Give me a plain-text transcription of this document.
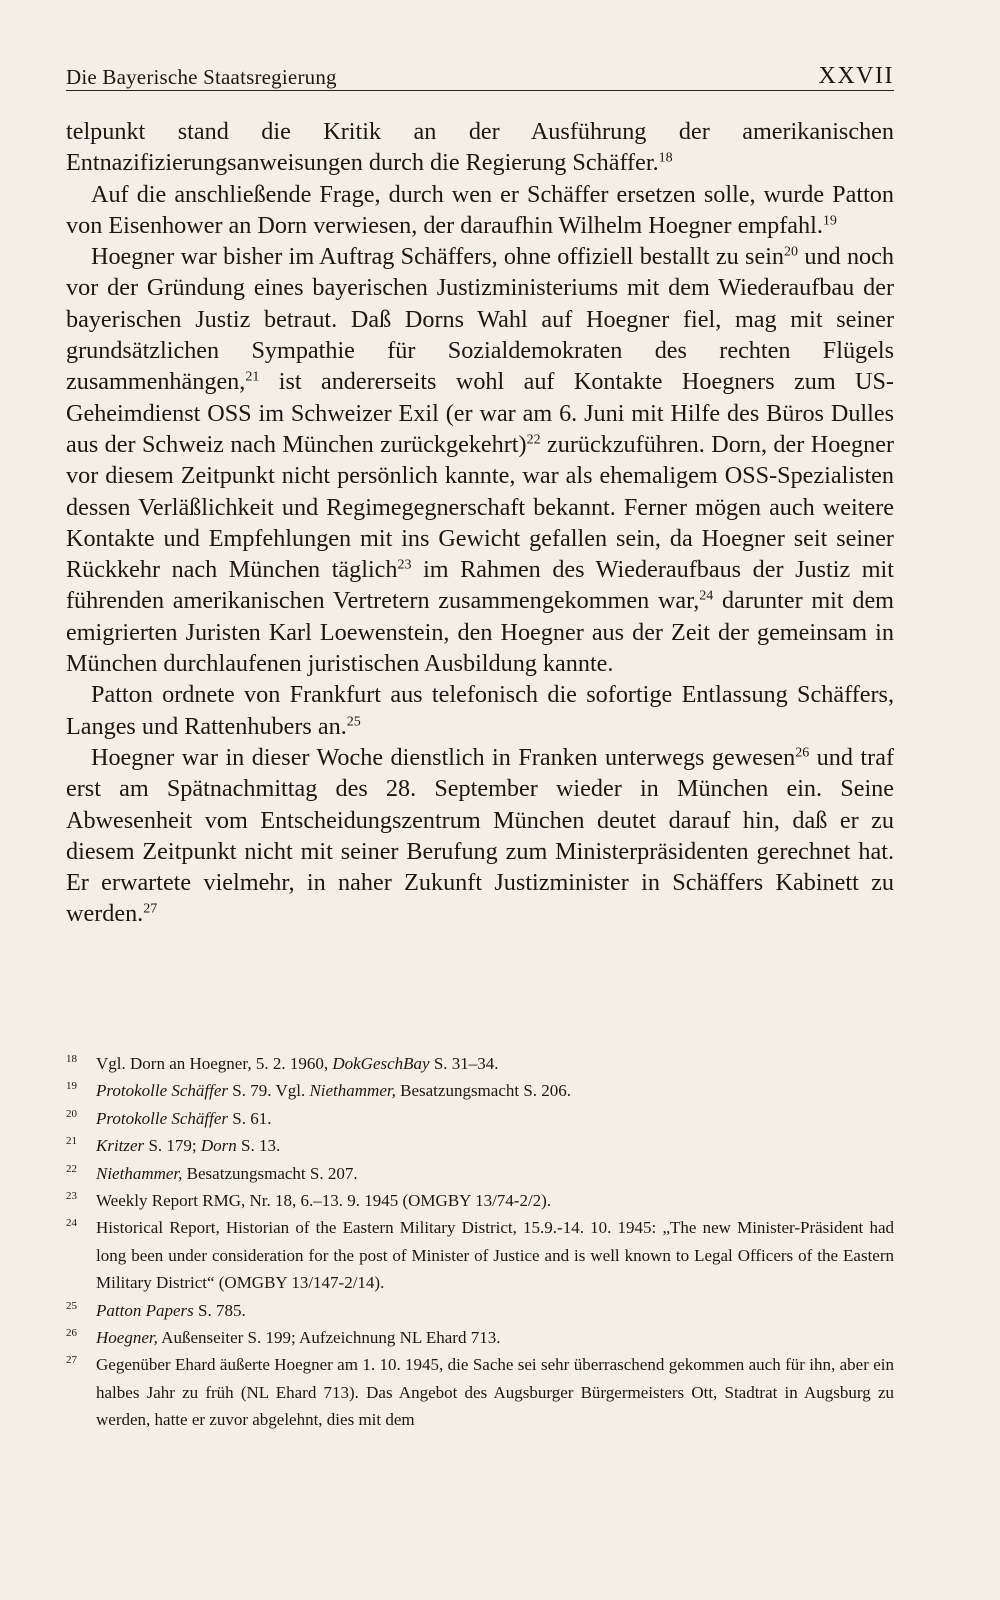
Die Bayerische Staatsregierung	XXVII

telpunkt stand die Kritik an der Ausführung der amerikanischen Entnazifizierungsanweisungen durch die Regierung Schäffer.$^{18}$

Auf die anschließende Frage, durch wen er Schäffer ersetzen solle, wurde Patton von Eisenhower an Dorn verwiesen, der daraufhin Wilhelm Hoegner empfahl.$^{19}$

Hoegner war bisher im Auftrag Schäffers, ohne offiziell bestallt zu sein$^{20}$ und noch vor der Gründung eines bayerischen Justizministeriums mit dem Wiederaufbau der bayerischen Justiz betraut. Daß Dorns Wahl auf Hoegner fiel, mag mit seiner grundsätzlichen Sympathie für Sozialdemokraten des rechten Flügels zusammenhängen,$^{21}$ ist andererseits wohl auf Kontakte Hoegners zum US-Geheimdienst OSS im Schweizer Exil (er war am 6. Juni mit Hilfe des Büros Dulles aus der Schweiz nach München zurückgekehrt)$^{22}$ zurückzuführen. Dorn, der Hoegner vor diesem Zeitpunkt nicht persönlich kannte, war als ehemaligem OSS-Spezialisten dessen Verläßlichkeit und Regimegegnerschaft bekannt. Ferner mögen auch weitere Kontakte und Empfehlungen mit ins Gewicht gefallen sein, da Hoegner seit seiner Rückkehr nach München täglich$^{23}$ im Rahmen des Wiederaufbaus der Justiz mit führenden amerikanischen Vertretern zusammengekommen war,$^{24}$ darunter mit dem emigrierten Juristen Karl Loewenstein, den Hoegner aus der Zeit der gemeinsam in München durchlaufenen juristischen Ausbildung kannte.

Patton ordnete von Frankfurt aus telefonisch die sofortige Entlassung Schäffers, Langes und Rattenhubers an.$^{25}$

Hoegner war in dieser Woche dienstlich in Franken unterwegs gewesen$^{26}$ und traf erst am Spätnachmittag des 28. September wieder in München ein. Seine Abwesenheit vom Entscheidungszentrum München deutet darauf hin, daß er zu diesem Zeitpunkt nicht mit seiner Berufung zum Ministerpräsidenten gerechnet hat. Er erwartete vielmehr, in naher Zukunft Justizminister in Schäffers Kabinett zu werden.$^{27}$

18 Vgl. Dorn an Hoegner, 5. 2. 1960, DokGeschBay S. 31–34.
19 Protokolle Schäffer S. 79. Vgl. Niethammer, Besatzungsmacht S. 206.
20 Protokolle Schäffer S. 61.
21 Kritzer S. 179; Dorn S. 13.
22 Niethammer, Besatzungsmacht S. 207.
23 Weekly Report RMG, Nr. 18, 6.–13. 9. 1945 (OMGBY 13/74-2/2).
24 Historical Report, Historian of the Eastern Military District, 15.9.-14. 10. 1945: „The new Minister-Präsident had long been under consideration for the post of Minister of Justice and is well known to Legal Officers of the Eastern Military District“ (OMGBY 13/147-2/14).
25 Patton Papers S. 785.
26 Hoegner, Außenseiter S. 199; Aufzeichnung NL Ehard 713.
27 Gegenüber Ehard äußerte Hoegner am 1. 10. 1945, die Sache sei sehr überraschend gekommen auch für ihn, aber ein halbes Jahr zu früh (NL Ehard 713). Das Angebot des Augsburger Bürgermeisters Ott, Stadtrat in Augsburg zu werden, hatte er zuvor abgelehnt, dies mit dem
